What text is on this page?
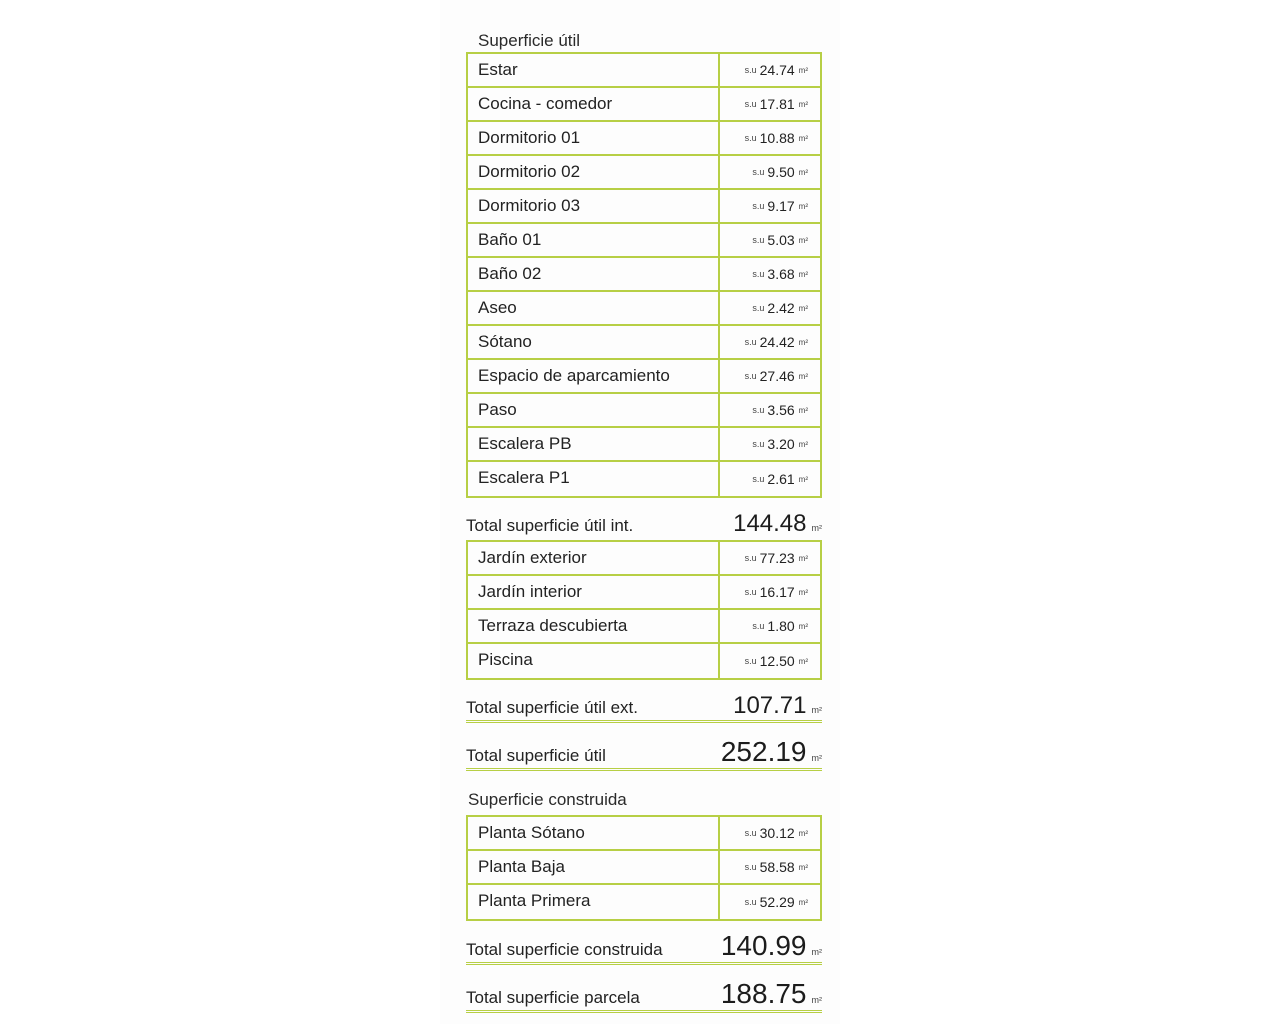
Superficie útil
Estar	s.u 24.74 m²
Cocina - comedor	s.u 17.81 m²
Dormitorio 01	s.u 10.88 m²
Dormitorio 02	s.u 9.50 m²
Dormitorio 03	s.u 9.17 m²
Baño 01	s.u 5.03 m²
Baño 02	s.u 3.68 m²
Aseo	s.u 2.42 m²
Sótano	s.u 24.42 m²
Espacio de aparcamiento	s.u 27.46 m²
Paso	s.u 3.56 m²
Escalera PB	s.u 3.20 m²
Escalera P1	s.u 2.61 m²
Total superficie útil int.	144.48 m²
Jardín exterior	s.u 77.23 m²
Jardín interior	s.u 16.17 m²
Terraza descubierta	s.u 1.80 m²
Piscina	s.u 12.50 m²
Total superficie útil ext.	107.71 m²
Total superficie útil	252.19 m²
Superficie construida
Planta Sótano	s.u 30.12 m²
Planta Baja	s.u 58.58 m²
Planta Primera	s.u 52.29 m²
Total superficie construida 140.99 m²
Total superficie parcela	188.75 m²
